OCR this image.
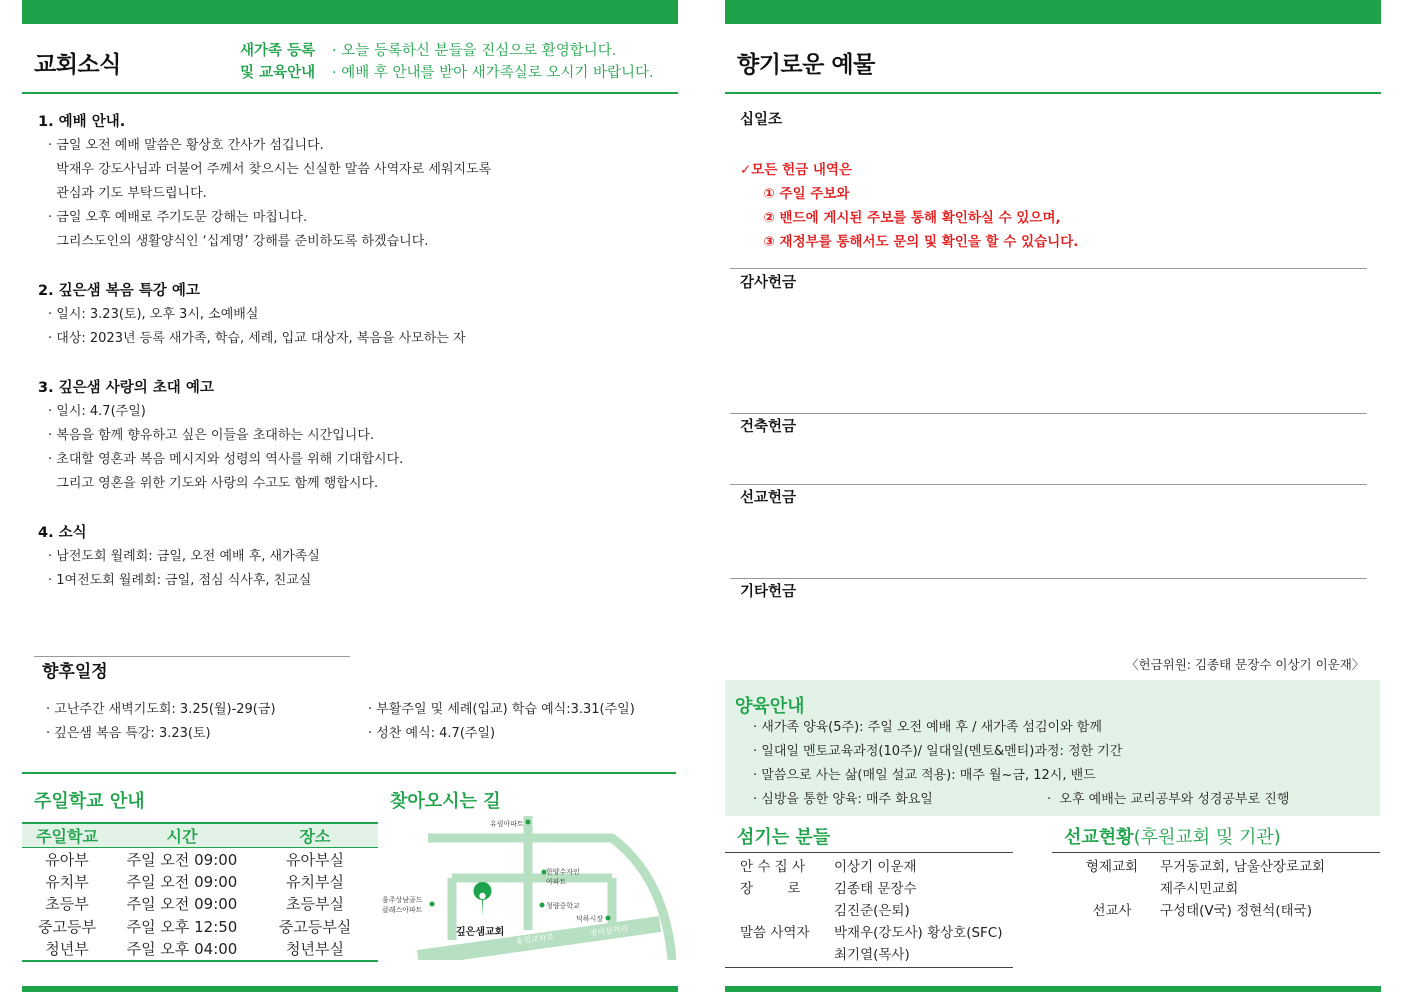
교회소식
새가족 등록
및 교육안내
· 오늘 등록하신 분들을 진심으로 환영합니다.
· 예배 후 안내를 받아 새가족실로 오시기 바랍니다.
1. 예배 안내.
· 금일 오전 예배 말씀은 황상호 간사가 섬깁니다.
박재우 강도사님과 더불어 주께서 찾으시는 신실한 말씀 사역자로 세워지도록
관심과 기도 부탁드립니다.
· 금일 오후 예배로 주기도문 강해는 마칩니다.
그리스도인의 생활양식인 ‘십계명’ 강해를 준비하도록 하겠습니다.
2. 깊은샘 복음 특강 예고
· 일시: 3.23(토), 오후 3시, 소예배실
· 대상: 2023년 등록 새가족, 학습, 세례, 입교 대상자, 복음을 사모하는 자
3. 깊은샘 사랑의 초대 예고
· 일시: 4.7(주일)
· 복음을 함께 향유하고 싶은 이들을 초대하는 시간입니다.
· 초대할 영혼과 복음 메시지와 성령의 역사를 위해 기대합시다.
그리고 영혼을 위한 기도와 사랑의 수고도 함께 행합시다.
4. 소식
· 남전도회 월례회: 금일, 오전 예배 후, 새가족실
· 1여전도회 월례회: 금일, 점심 식사후, 친교실
향후일정
· 고난주간 새벽기도회: 3.25(월)-29(금)
· 깊은샘 복음 특강: 3.23(토)
· 부활주일 및 세례(입교) 학습 예식:3.31(주일)
· 성찬 예식: 4.7(주일)
주일학교 안내
주일학교	시간	장소
유아부	주일 오전 09:00	유아부실
유치부	주일 오전 09:00	유치부실
초등부	주일 오전 09:00	초등부실
중고등부	주일 오후 12:50	중고등부실
청년부	주일 오후 04:00	청년부실
찾아오시는 길
유림아파트
한양수자인
아파트
울주상남골드
클래스아파트	청량중학교
덕하시장
깊은샘교회 송진교차로
청터삼거리
향기로운 예물
십일조
✓모든 헌금 내역은
① 주일 주보와
② 밴드에 게시된 주보를 통해 확인하실 수 있으며,
③ 재정부를 통해서도 문의 및 확인을 할 수 있습니다.
감사헌금
건축헌금
선교헌금
기타헌금
〈헌금위원: 김종태 문장수 이상기 이운재〉
양육안내
· 새가족 양육(5주): 주일 오전 예배 후 / 새가족 섬김이와 함께
· 일대일 멘토교육과정(10주)/ 일대일(멘토&멘티)과정: 정한 기간
· 말씀으로 사는 삶(매일 설교 적용): 매주 월~금, 12시, 밴드
· 심방을 통한 양육: 매주 화요일	·  오후 예배는 교리공부와 성경공부로 진행
섬기는 분들
안 수 집 사	이상기 이운재
장        로	김종태 문장수
김진준(은퇴)
말씀 사역자	박재우(강도사) 황상호(SFC)
최기열(목사)
선교현황(후원교회 및 기관)
형제교회	무거동교회, 남울산장로교회
제주시민교회
선교사	구성태(V국) 정현석(태국)
